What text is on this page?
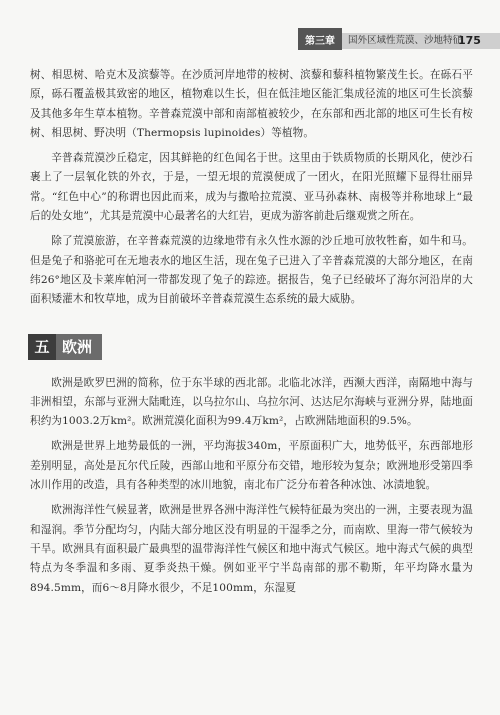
第三章	国外区域性荒漠、沙地特征
175

树、相思树、哈克木及滨藜等。在沙质河岸地带的桉树、滨藜和藜科植物繁茂生长。在砾石平原，砾石覆盖极其致密的地区，植物难以生长，但在低洼地区能汇集成径流的地区可生长滨藜及其他多年生草本植物。辛普森荒漠中部和南部植被较少，在东部和西北部的地区可生长有桉树、相思树、野决明（Thermopsis lupinoides）等植物。

辛普森荒漠沙丘稳定，因其鲜艳的红色闻名于世。这里由于铁质物质的长期风化，使沙石裹上了一层氧化铁的外衣，于是，一望无垠的荒漠便成了一团火，在阳光照耀下显得壮丽异常。“红色中心”的称谓也因此而来，成为与撒哈拉荒漠、亚马孙森林、南极等并称地球上“最后的处女地”，尤其是荒漠中心最著名的大红岩，更成为游客前赴后继观赏之所在。

除了荒漠旅游，在辛普森荒漠的边缘地带有永久性水源的沙丘地可放牧牲畜，如牛和马。但是兔子和骆驼可在无地表水的地区生活，现在兔子已进入了辛普森荒漠的大部分地区，在南纬26°地区及卡莱库帕河一带都发现了兔子的踪迹。据报告，兔子已经破坏了海尔河沿岸的大面积矮灌木和牧草地，成为目前破坏辛普森荒漠生态系统的最大威胁。

五 欧洲

欧洲是欧罗巴洲的简称，位于东半球的西北部。北临北冰洋，西濒大西洋，南隔地中海与非洲相望，东部与亚洲大陆毗连，以乌拉尔山、乌拉尔河、达达尼尔海峡与亚洲分界，陆地面积约为1003.2万km²。欧洲荒漠化面积为99.4万km²，占欧洲陆地面积的9.5%。

欧洲是世界上地势最低的一洲，平均海拔340m，平原面积广大，地势低平，东西部地形差别明显，高处是瓦尔代丘陵，西部山地和平原分布交错，地形较为复杂；欧洲地形受第四季冰川作用的改造，具有各种类型的冰川地貌，南北布广泛分布着各种冰蚀、冰渍地貌。

欧洲海洋性气候显著，欧洲是世界各洲中海洋性气候特征最为突出的一洲，主要表现为温和湿润。季节分配均匀，内陆大部分地区没有明显的干湿季之分，而南欧、里海一带气候较为干旱。欧洲具有面积最广最典型的温带海洋性气候区和地中海式气候区。地中海式气候的典型特点为冬季温和多雨、夏季炎热干燥。例如亚平宁半岛南部的那不勒斯，年平均降水量为894.5mm，而6～8月降水很少，不足100mm，东湿夏
